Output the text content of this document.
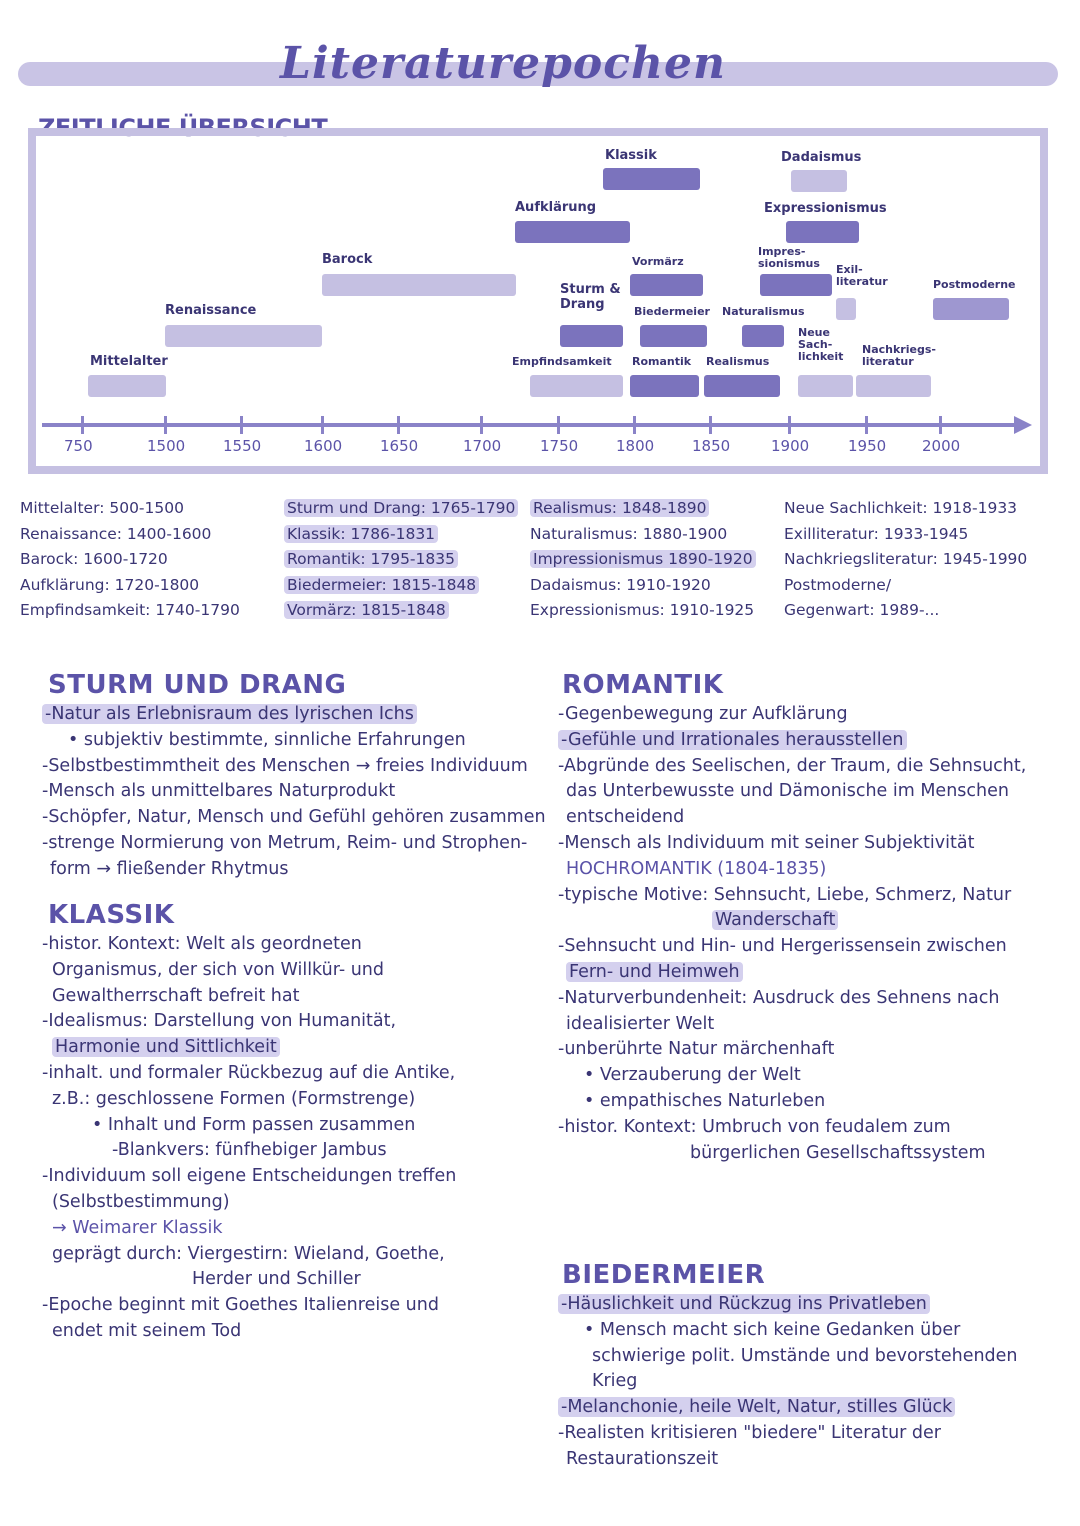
Literaturepochen
ZEITLICHE ÜBERSICHT
750	1500	1550	1600	1650	1700	1750	1800	1850	1900	1950 2000
Mittelalter
Renaissance
Barock
Aufklärung
Empfindsamkeit
Sturm &
Drang
Klassik
Romantik
Biedermeier
Vormärz
Realismus
Naturalismus
Impres-
sionismus
Expressionismus
Dadaismus
Neue
Sach-
lichkeit
Exil-
literatur
Nachkriegs-
literatur
Postmoderne
Mittelalter: 500-1500
Renaissance: 1400-1600
Barock: 1600-1720
Aufklärung: 1720-1800
Empfindsamkeit: 1740-1790
Sturm und Drang: 1765-1790
Klassik: 1786-1831
Romantik: 1795-1835
Biedermeier: 1815-1848
Vormärz: 1815-1848
Realismus: 1848-1890
Naturalismus: 1880-1900
Impressionismus 1890-1920
Dadaismus: 1910-1920
Expressionismus: 1910-1925
Neue Sachlichkeit: 1918-1933
Exilliteratur: 1933-1945
Nachkriegsliteratur: 1945-1990
Postmoderne/
Gegenwart: 1989-...
STURM UND DRANG
-Natur als Erlebnisraum des lyrischen Ichs
• subjektiv bestimmte, sinnliche Erfahrungen
-Selbstbestimmtheit des Menschen → freies Individuum
-Mensch als unmittelbares Naturprodukt
-Schöpfer, Natur, Mensch und Gefühl gehören zusammen
-strenge Normierung von Metrum, Reim- und Strophen-
form → fließender Rhytmus
KLASSIK
-histor. Kontext: Welt als geordneten
Organismus, der sich von Willkür- und
Gewaltherrschaft befreit hat
-Idealismus: Darstellung von Humanität,
Harmonie und Sittlichkeit
-inhalt. und formaler Rückbezug auf die Antike,
z.B.: geschlossene Formen (Formstrenge)
• Inhalt und Form passen zusammen
-Blankvers: fünfhebiger Jambus
-Individuum soll eigene Entscheidungen treffen
(Selbstbestimmung)
→ Weimarer Klassik
geprägt durch: Viergestirn: Wieland, Goethe,
Herder und Schiller
-Epoche beginnt mit Goethes Italienreise und
endet mit seinem Tod
ROMANTIK
-Gegenbewegung zur Aufklärung
-Gefühle und Irrationales herausstellen
-Abgründe des Seelischen, der Traum, die Sehnsucht,
das Unterbewusste und Dämonische im Menschen
entscheidend
-Mensch als Individuum mit seiner Subjektivität
HOCHROMANTIK (1804-1835)
-typische Motive: Sehnsucht, Liebe, Schmerz, Natur
Wanderschaft
-Sehnsucht und Hin- und Hergerissensein zwischen
Fern- und Heimweh
-Naturverbundenheit: Ausdruck des Sehnens nach
idealisierter Welt
-unberührte Natur märchenhaft
• Verzauberung der Welt
• empathisches Naturleben
-histor. Kontext: Umbruch von feudalem zum
bürgerlichen Gesellschaftssystem
BIEDERMEIER
-Häuslichkeit und Rückzug ins Privatleben
• Mensch macht sich keine Gedanken über
schwierige polit. Umstände und bevorstehenden
Krieg
-Melanchonie, heile Welt, Natur, stilles Glück
-Realisten kritisieren "biedere" Literatur der
Restaurationszeit
